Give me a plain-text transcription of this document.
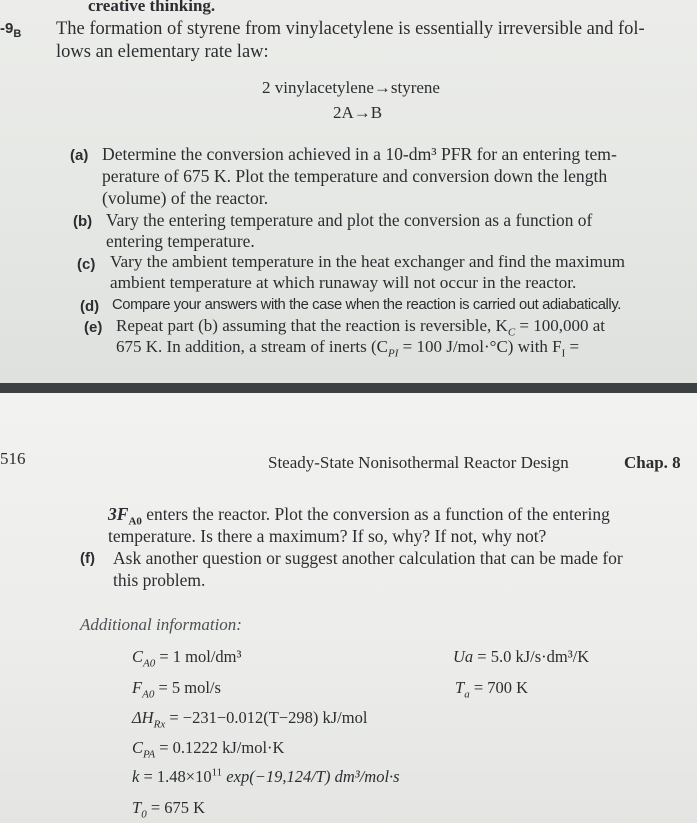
creative thinking.
$-9_B$ The formation of styrene from vinylacetylene is essentially irreversible and fol-
lows an elementary rate law:
2 vinylacetylene→styrene
2A→B
(a) Determine the conversion achieved in a 10-dm³ PFR for an entering tem-
perature of 675 K. Plot the temperature and conversion down the length
(volume) of the reactor.
(b) Vary the entering temperature and plot the conversion as a function of
entering temperature.
(c) Vary the ambient temperature in the heat exchanger and find the maximum
ambient temperature at which runaway will not occur in the reactor.
(d) Compare your answers with the case when the reaction is carried out adiabatically.
(e) Repeat part (b) assuming that the reaction is reversible, $K_C = 100,000$ at
675 K. In addition, a stream of inerts ($C_{PI} = 100$ J/mol·°C) with $F_I$ =
516	Steady-State Nonisothermal Reactor Design	Chap. 8
$3F_{A0}$ enters the reactor. Plot the conversion as a function of the entering
temperature. Is there a maximum? If so, why? If not, why not?
(f) Ask another question or suggest another calculation that can be made for
this problem.
Additional information:
$C_{A0} = 1$ mol/dm³	Ua = 5.0 kJ/s·dm³/K
$F_{A0} = 5$ mol/s	$T_a = 700$ K
$\Delta H_{Rx} = -231-0.012(T-298)$ kJ/mol
$C_{PA} = 0.1222$ kJ/mol·K
$k = 1.48\times 10^{11}$ exp(−19,124/T) dm³/mol·s
$T_0 = 675$ K
